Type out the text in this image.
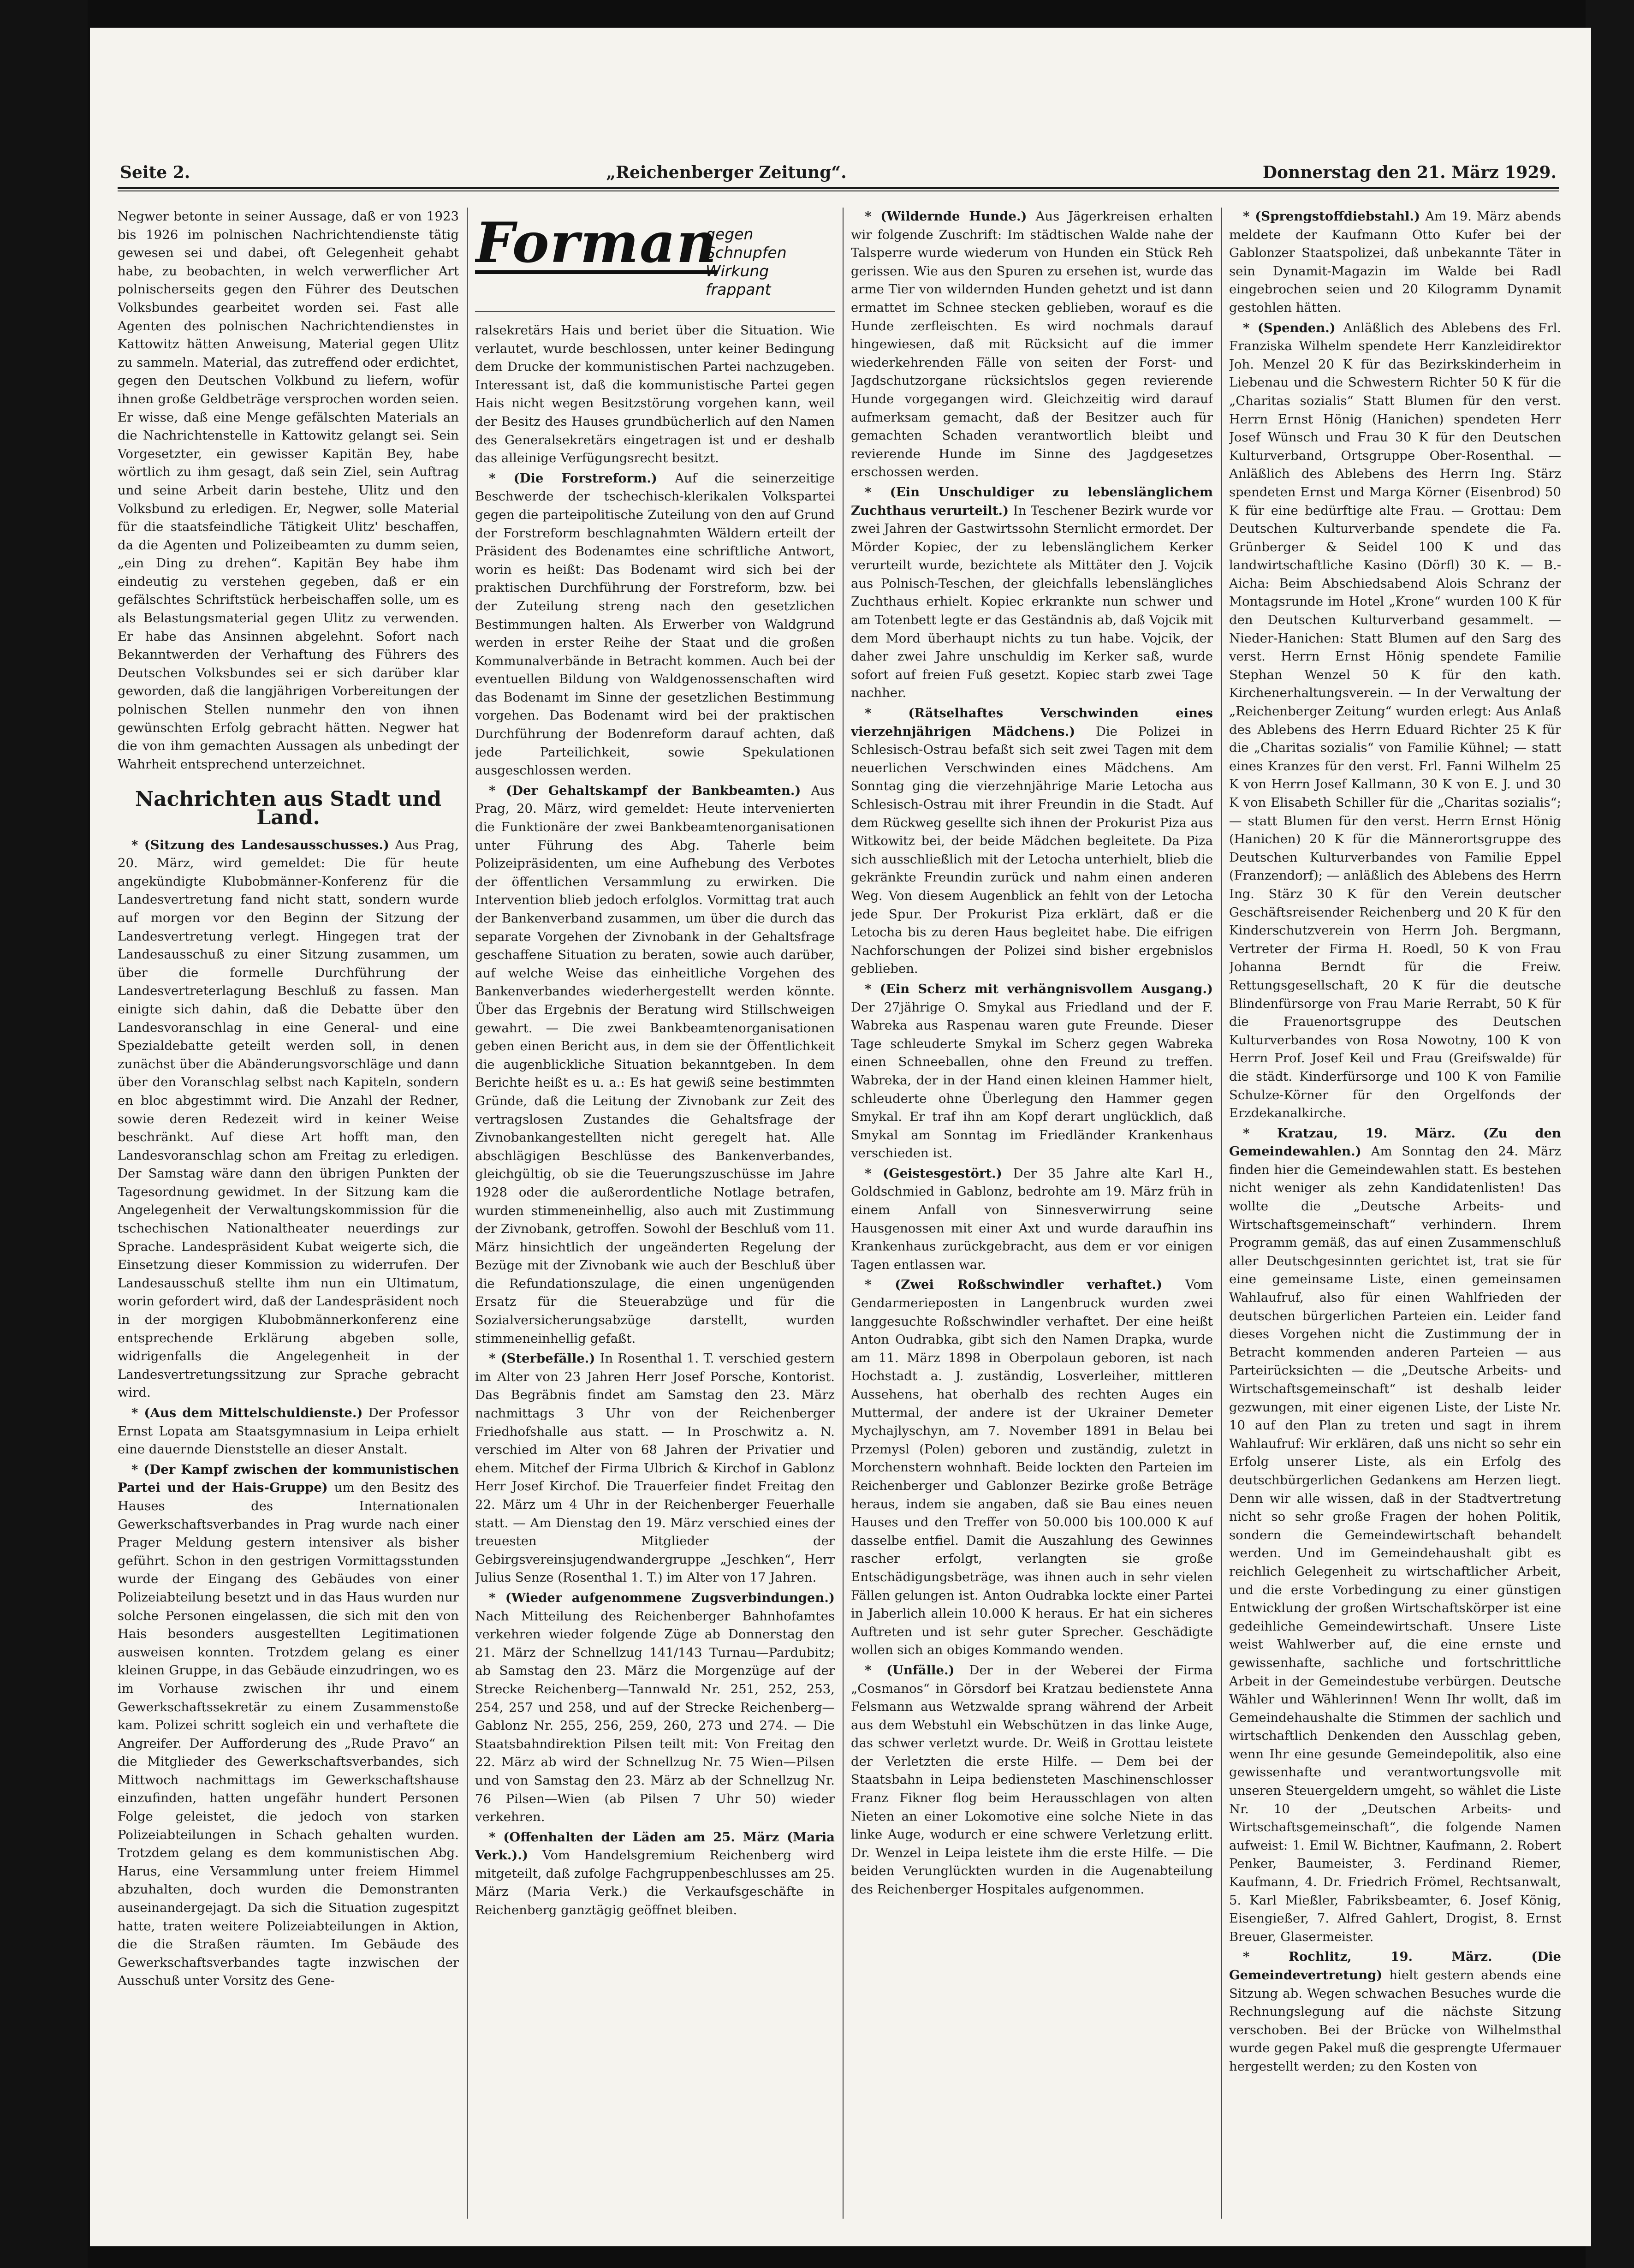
Seite 2.	„Reichenberger Zeitung“.	Donnerstag den 21. März 1929.

Negwer betonte in seiner Aussage, daß er von 1923 bis 1926 im polnischen Nachrichtendienste tätig gewesen sei und dabei, oft Gelegenheit gehabt habe, zu beobachten, in welch verwerflicher Art polnischerseits gegen den Führer des Deutschen Volksbundes gearbeitet worden sei. Fast alle Agenten des polnischen Nachrichtendienstes in Kattowitz hätten Anweisung, Material gegen Ulitz zu sammeln. Material, das zutreffend oder erdichtet, gegen den Deutschen Volkbund zu liefern, wofür ihnen große Geldbeträge versprochen worden seien. Er wisse, daß eine Menge gefälschten Materials an die Nachrichtenstelle in Kattowitz gelangt sei. Sein Vorgesetzter, ein gewisser Kapitän Bey, habe wörtlich zu ihm gesagt, daß sein Ziel, sein Auftrag und seine Arbeit darin bestehe, Ulitz und den Volksbund zu erledigen. Er, Negwer, solle Material für die staatsfeindliche Tätigkeit Ulitz' beschaffen, da die Agenten und Polizeibeamten zu dumm seien, „ein Ding zu drehen“. Kapitän Bey habe ihm eindeutig zu verstehen gegeben, daß er ein gefälschtes Schriftstück herbeischaffen solle, um es als Belastungsmaterial gegen Ulitz zu verwenden. Er habe das Ansinnen abgelehnt. Sofort nach Bekanntwerden der Verhaftung des Führers des Deutschen Volksbundes sei er sich darüber klar geworden, daß die langjährigen Vorbereitungen der polnischen Stellen nunmehr den von ihnen gewünschten Erfolg gebracht hätten. Negwer hat die von ihm gemachten Aussagen als unbedingt der Wahrheit entsprechend unterzeichnet.

Nachrichten aus Stadt und Land.

* (Sitzung des Landesausschusses.) Aus Prag, 20. März, wird gemeldet: Die für heute angekündigte Klubobmänner-Konferenz für die Landesvertretung fand nicht statt, sondern wurde auf morgen vor den Beginn der Sitzung der Landesvertretung verlegt. Hingegen trat der Landesausschuß zu einer Sitzung zusammen, um über die formelle Durchführung der Landesvertreterlagung Beschluß zu fassen. Man einigte sich dahin, daß die Debatte über den Landesvoranschlag in eine General- und eine Spezialdebatte geteilt werden soll, in denen zunächst über die Abänderungsvorschläge und dann über den Voranschlag selbst nach Kapiteln, sondern en bloc abgestimmt wird. Die Anzahl der Redner, sowie deren Redezeit wird in keiner Weise beschränkt. Auf diese Art hofft man, den Landesvoranschlag schon am Freitag zu erledigen. Der Samstag wäre dann den übrigen Punkten der Tagesordnung gewidmet. In der Sitzung kam die Angelegenheit der Verwaltungskommission für die tschechischen Nationaltheater neuerdings zur Sprache. Landespräsident Kubat weigerte sich, die Einsetzung dieser Kommission zu widerrufen. Der Landesausschuß stellte ihm nun ein Ultimatum, worin gefordert wird, daß der Landespräsident noch in der morgigen Klubobmännerkonferenz eine entsprechende Erklärung abgeben solle, widrigenfalls die Angelegenheit in der Landesvertretungssitzung zur Sprache gebracht wird.

* (Aus dem Mittelschuldienste.) Der Professor Ernst Lopata am Staatsgymnasium in Leipa erhielt eine dauernde Dienststelle an dieser Anstalt.

* (Der Kampf zwischen der kommunistischen Partei und der Hais-Gruppe) um den Besitz des Hauses des Internationalen Gewerkschaftsverbandes in Prag wurde nach einer Prager Meldung gestern intensiver als bisher geführt. Schon in den gestrigen Vormittagsstunden wurde der Eingang des Gebäudes von einer Polizeiabteilung besetzt und in das Haus wurden nur solche Personen eingelassen, die sich mit den von Hais besonders ausgestellten Legitimationen ausweisen konnten. Trotzdem gelang es einer kleinen Gruppe, in das Gebäude einzudringen, wo es im Vorhause zwischen ihr und einem Gewerkschaftssekretär zu einem Zusammenstoße kam. Polizei schritt sogleich ein und verhaftete die Angreifer. Der Aufforderung des „Rude Pravo“ an die Mitglieder des Gewerkschaftsverbandes, sich Mittwoch nachmittags im Gewerkschaftshause einzufinden, hatten ungefähr hundert Personen Folge geleistet, die jedoch von starken Polizeiabteilungen in Schach gehalten wurden. Trotzdem gelang es dem kommunistischen Abg. Harus, eine Versammlung unter freiem Himmel abzuhalten, doch wurden die Demonstranten auseinandergejagt. Da sich die Situation zugespitzt hatte, traten weitere Polizeiabteilungen in Aktion, die die Straßen räumten. Im Gebäude des Gewerkschaftsverbandes tagte inzwischen der Ausschuß unter Vorsitz des Gene-

Forman
gegen Schnupfen Wirkung frappant

ralsekretärs Hais und beriet über die Situation. Wie verlautet, wurde beschlossen, unter keiner Bedingung dem Drucke der kommunistischen Partei nachzugeben. Interessant ist, daß die kommunistische Partei gegen Hais nicht wegen Besitzstörung vorgehen kann, weil der Besitz des Hauses grundbücherlich auf den Namen des Generalsekretärs eingetragen ist und er deshalb das alleinige Verfügungsrecht besitzt.

* (Die Forstreform.) Auf die seinerzeitige Beschwerde der tschechisch-klerikalen Volkspartei gegen die parteipolitische Zuteilung von den auf Grund der Forstreform beschlagnahmten Wäldern erteilt der Präsident des Bodenamtes eine schriftliche Antwort, worin es heißt: Das Bodenamt wird sich bei der praktischen Durchführung der Forstreform, bzw. bei der Zuteilung streng nach den gesetzlichen Bestimmungen halten. Als Erwerber von Waldgrund werden in erster Reihe der Staat und die großen Kommunalverbände in Betracht kommen. Auch bei der eventuellen Bildung von Waldgenossenschaften wird das Bodenamt im Sinne der gesetzlichen Bestimmung vorgehen. Das Bodenamt wird bei der praktischen Durchführung der Bodenreform darauf achten, daß jede Parteilichkeit, sowie Spekulationen ausgeschlossen werden.

* (Der Gehaltskampf der Bankbeamten.) Aus Prag, 20. März, wird gemeldet: Heute intervenierten die Funktionäre der zwei Bankbeamtenorganisationen unter Führung des Abg. Taherle beim Polizeipräsidenten, um eine Aufhebung des Verbotes der öffentlichen Versammlung zu erwirken. Die Intervention blieb jedoch erfolglos. Vormittag trat auch der Bankenverband zusammen, um über die durch das separate Vorgehen der Zivnobank in der Gehaltsfrage geschaffene Situation zu beraten, sowie auch darüber, auf welche Weise das einheitliche Vorgehen des Bankenverbandes wiederhergestellt werden könnte. Über das Ergebnis der Beratung wird Stillschweigen gewahrt. — Die zwei Bankbeamtenorganisationen geben einen Bericht aus, in dem sie der Öffentlichkeit die augenblickliche Situation bekanntgeben. In dem Berichte heißt es u. a.: Es hat gewiß seine bestimmten Gründe, daß die Leitung der Zivnobank zur Zeit des vertragslosen Zustandes die Gehaltsfrage der Zivnobankangestellten nicht geregelt hat. Alle abschlägigen Beschlüsse des Bankenverbandes, gleichgültig, ob sie die Teuerungszuschüsse im Jahre 1928 oder die außerordentliche Notlage betrafen, wurden stimmeneinhellig, also auch mit Zustimmung der Zivnobank, getroffen. Sowohl der Beschluß vom 11. März hinsichtlich der ungeänderten Regelung der Bezüge mit der Zivnobank wie auch der Beschluß über die Refundationszulage, die einen ungenügenden Ersatz für die Steuerabzüge und für die Sozialversicherungsabzüge darstellt, wurden stimmeneinhellig gefaßt.

* (Sterbefälle.) In Rosenthal 1. T. verschied gestern im Alter von 23 Jahren Herr Josef Porsche, Kontorist. Das Begräbnis findet am Samstag den 23. März nachmittags 3 Uhr von der Reichenberger Friedhofshalle aus statt. — In Proschwitz a. N. verschied im Alter von 68 Jahren der Privatier und ehem. Mitchef der Firma Ulbrich & Kirchof in Gablonz Herr Josef Kirchof. Die Trauerfeier findet Freitag den 22. März um 4 Uhr in der Reichenberger Feuerhalle statt. — Am Dienstag den 19. März verschied eines der treuesten Mitglieder der Gebirgsvereinsjugendwandergruppe „Jeschken“, Herr Julius Senze (Rosenthal 1. T.) im Alter von 17 Jahren.

* (Wieder aufgenommene Zugsverbindungen.) Nach Mitteilung des Reichenberger Bahnhofamtes verkehren wieder folgende Züge ab Donnerstag den 21. März der Schnellzug 141/143 Turnau—Pardubitz; ab Samstag den 23. März die Morgenzüge auf der Strecke Reichenberg—Tannwald Nr. 251, 252, 253, 254, 257 und 258, und auf der Strecke Reichenberg—Gablonz Nr. 255, 256, 259, 260, 273 und 274. — Die Staatsbahndirektion Pilsen teilt mit: Von Freitag den 22. März ab wird der Schnellzug Nr. 75 Wien—Pilsen und von Samstag den 23. März ab der Schnellzug Nr. 76 Pilsen—Wien (ab Pilsen 7 Uhr 50) wieder verkehren.

* (Offenhalten der Läden am 25. März (Maria Verk.).) Vom Handelsgremium Reichenberg wird mitgeteilt, daß zufolge Fachgruppenbeschlusses am 25. März (Maria Verk.) die Verkaufsgeschäfte in Reichenberg ganztägig geöffnet bleiben.

* (Wildernde Hunde.) Aus Jägerkreisen erhalten wir folgende Zuschrift: Im städtischen Walde nahe der Talsperre wurde wiederum von Hunden ein Stück Reh gerissen. Wie aus den Spuren zu ersehen ist, wurde das arme Tier von wildernden Hunden gehetzt und ist dann ermattet im Schnee stecken geblieben, worauf es die Hunde zerfleischten. Es wird nochmals darauf hingewiesen, daß mit Rücksicht auf die immer wiederkehrenden Fälle von seiten der Forst- und Jagdschutzorgane rücksichtslos gegen revierende Hunde vorgegangen wird. Gleichzeitig wird darauf aufmerksam gemacht, daß der Besitzer auch für gemachten Schaden verantwortlich bleibt und revierende Hunde im Sinne des Jagdgesetzes erschossen werden.

* (Ein Unschuldiger zu lebenslänglichem Zuchthaus verurteilt.) In Teschener Bezirk wurde vor zwei Jahren der Gastwirtssohn Sternlicht ermordet. Der Mörder Kopiec, der zu lebenslänglichem Kerker verurteilt wurde, bezichtete als Mittäter den J. Vojcik aus Polnisch-Teschen, der gleichfalls lebenslängliches Zuchthaus erhielt. Kopiec erkrankte nun schwer und am Totenbett legte er das Geständnis ab, daß Vojcik mit dem Mord überhaupt nichts zu tun habe. Vojcik, der daher zwei Jahre unschuldig im Kerker saß, wurde sofort auf freien Fuß gesetzt. Kopiec starb zwei Tage nachher.

* (Rätselhaftes Verschwinden eines vierzehnjährigen Mädchens.) Die Polizei in Schlesisch-Ostrau befaßt sich seit zwei Tagen mit dem neuerlichen Verschwinden eines Mädchens. Am Sonntag ging die vierzehnjährige Marie Letocha aus Schlesisch-Ostrau mit ihrer Freundin in die Stadt. Auf dem Rückweg gesellte sich ihnen der Prokurist Piza aus Witkowitz bei, der beide Mädchen begleitete. Da Piza sich ausschließlich mit der Letocha unterhielt, blieb die gekränkte Freundin zurück und nahm einen anderen Weg. Von diesem Augenblick an fehlt von der Letocha jede Spur. Der Prokurist Piza erklärt, daß er die Letocha bis zu deren Haus begleitet habe. Die eifrigen Nachforschungen der Polizei sind bisher ergebnislos geblieben.

* (Ein Scherz mit verhängnisvollem Ausgang.) Der 27jährige O. Smykal aus Friedland und der F. Wabreka aus Raspenau waren gute Freunde. Dieser Tage schleuderte Smykal im Scherz gegen Wabreka einen Schneeballen, ohne den Freund zu treffen. Wabreka, der in der Hand einen kleinen Hammer hielt, schleuderte ohne Überlegung den Hammer gegen Smykal. Er traf ihn am Kopf derart unglücklich, daß Smykal am Sonntag im Friedländer Krankenhaus verschieden ist.

* (Geistesgestört.) Der 35 Jahre alte Karl H., Goldschmied in Gablonz, bedrohte am 19. März früh in einem Anfall von Sinnesverwirrung seine Hausgenossen mit einer Axt und wurde daraufhin ins Krankenhaus zurückgebracht, aus dem er vor einigen Tagen entlassen war.

* (Zwei Roßschwindler verhaftet.) Vom Gendarmerieposten in Langenbruck wurden zwei langgesuchte Roßschwindler verhaftet. Der eine heißt Anton Oudrabka, gibt sich den Namen Drapka, wurde am 11. März 1898 in Oberpolaun geboren, ist nach Hochstadt a. J. zuständig, Losverleiher, mittleren Aussehens, hat oberhalb des rechten Auges ein Muttermal, der andere ist der Ukrainer Demeter Mychajlyschyn, am 7. November 1891 in Belau bei Przemysl (Polen) geboren und zuständig, zuletzt in Morchenstern wohnhaft. Beide lockten den Parteien im Reichenberger und Gablonzer Bezirke große Beträge heraus, indem sie angaben, daß sie Bau eines neuen Hauses und den Treffer von 50.000 bis 100.000 K auf dasselbe entfiel. Damit die Auszahlung des Gewinnes rascher erfolgt, verlangten sie große Entschädigungsbeträge, was ihnen auch in sehr vielen Fällen gelungen ist. Anton Oudrabka lockte einer Partei in Jaberlich allein 10.000 K heraus. Er hat ein sicheres Auftreten und ist sehr guter Sprecher. Geschädigte wollen sich an obiges Kommando wenden.

* (Unfälle.) Der in der Weberei der Firma „Cosmanos“ in Görsdorf bei Kratzau bedienstete Anna Felsmann aus Wetzwalde sprang während der Arbeit aus dem Webstuhl ein Webschützen in das linke Auge, das schwer verletzt wurde. Dr. Weiß in Grottau leistete der Verletzten die erste Hilfe. — Dem bei der Staatsbahn in Leipa bediensteten Maschinenschlosser Franz Fikner flog beim Herausschlagen von alten Nieten an einer Lokomotive eine solche Niete in das linke Auge, wodurch er eine schwere Verletzung erlitt. Dr. Wenzel in Leipa leistete ihm die erste Hilfe. — Die beiden Verunglückten wurden in die Augenabteilung des Reichenberger Hospitales aufgenommen.

* (Sprengstoffdiebstahl.) Am 19. März abends meldete der Kaufmann Otto Kufer bei der Gablonzer Staatspolizei, daß unbekannte Täter in sein Dynamit-Magazin im Walde bei Radl eingebrochen seien und 20 Kilogramm Dynamit gestohlen hätten.

* (Spenden.) Anläßlich des Ablebens des Frl. Franziska Wilhelm spendete Herr Kanzleidirektor Joh. Menzel 20 K für das Bezirkskinderheim in Liebenau und die Schwestern Richter 50 K für die „Charitas sozialis“ Statt Blumen für den verst. Herrn Ernst Hönig (Hanichen) spendeten Herr Josef Wünsch und Frau 30 K für den Deutschen Kulturverband, Ortsgruppe Ober-Rosenthal. — Anläßlich des Ablebens des Herrn Ing. Stärz spendeten Ernst und Marga Körner (Eisenbrod) 50 K für eine bedürftige alte Frau. — Grottau: Dem Deutschen Kulturverbande spendete die Fa. Grünberger & Seidel 100 K und das landwirtschaftliche Kasino (Dörfl) 30 K. — B.-Aicha: Beim Abschiedsabend Alois Schranz der Montagsrunde im Hotel „Krone“ wurden 100 K für den Deutschen Kulturverband gesammelt. — Nieder-Hanichen: Statt Blumen auf den Sarg des verst. Herrn Ernst Hönig spendete Familie Stephan Wenzel 50 K für den kath. Kirchenerhaltungsverein. — In der Verwaltung der „Reichenberger Zeitung“ wurden erlegt: Aus Anlaß des Ablebens des Herrn Eduard Richter 25 K für die „Charitas sozialis“ von Familie Kühnel; — statt eines Kranzes für den verst. Frl. Fanni Wilhelm 25 K von Herrn Josef Kallmann, 30 K von E. J. und 30 K von Elisabeth Schiller für die „Charitas sozialis“; — statt Blumen für den verst. Herrn Ernst Hönig (Hanichen) 20 K für die Männerortsgruppe des Deutschen Kulturverbandes von Familie Eppel (Franzendorf); — anläßlich des Ablebens des Herrn Ing. Stärz 30 K für den Verein deutscher Geschäftsreisender Reichenberg und 20 K für den Kinderschutzverein von Herrn Joh. Bergmann, Vertreter der Firma H. Roedl, 50 K von Frau Johanna Berndt für die Freiw. Rettungsgesellschaft, 20 K für die deutsche Blindenfürsorge von Frau Marie Rerrabt, 50 K für die Frauenortsgruppe des Deutschen Kulturverbandes von Rosa Nowotny, 100 K von Herrn Prof. Josef Keil und Frau (Greifswalde) für die städt. Kinderfürsorge und 100 K von Familie Schulze-Körner für den Orgelfonds der Erzdekanalkirche.

* Kratzau, 19. März. (Zu den Gemeindewahlen.) Am Sonntag den 24. März finden hier die Gemeindewahlen statt. Es bestehen nicht weniger als zehn Kandidatenlisten! Das wollte die „Deutsche Arbeits- und Wirtschaftsgemeinschaft“ verhindern. Ihrem Programm gemäß, das auf einen Zusammenschluß aller Deutschgesinnten gerichtet ist, trat sie für eine gemeinsame Liste, einen gemeinsamen Wahlaufruf, also für einen Wahlfrieden der deutschen bürgerlichen Parteien ein. Leider fand dieses Vorgehen nicht die Zustimmung der in Betracht kommenden anderen Parteien — aus Parteirücksichten — die „Deutsche Arbeits- und Wirtschaftsgemeinschaft“ ist deshalb leider gezwungen, mit einer eigenen Liste, der Liste Nr. 10 auf den Plan zu treten und sagt in ihrem Wahlaufruf: Wir erklären, daß uns nicht so sehr ein Erfolg unserer Liste, als ein Erfolg des deutschbürgerlichen Gedankens am Herzen liegt. Denn wir alle wissen, daß in der Stadtvertretung nicht so sehr große Fragen der hohen Politik, sondern die Gemeindewirtschaft behandelt werden. Und im Gemeindehaushalt gibt es reichlich Gelegenheit zu wirtschaftlicher Arbeit, und die erste Vorbedingung zu einer günstigen Entwicklung der großen Wirtschaftskörper ist eine gedeihliche Gemeindewirtschaft. Unsere Liste weist Wahlwerber auf, die eine ernste und gewissenhafte, sachliche und fortschrittliche Arbeit in der Gemeindestube verbürgen. Deutsche Wähler und Wählerinnen! Wenn Ihr wollt, daß im Gemeindehaushalte die Stimmen der sachlich und wirtschaftlich Denkenden den Ausschlag geben, wenn Ihr eine gesunde Gemeindepolitik, also eine gewissenhafte und verantwortungsvolle mit unseren Steuergeldern umgeht, so wählet die Liste Nr. 10 der „Deutschen Arbeits- und Wirtschaftsgemeinschaft“, die folgende Namen aufweist: 1. Emil W. Bichtner, Kaufmann, 2. Robert Penker, Baumeister, 3. Ferdinand Riemer, Kaufmann, 4. Dr. Friedrich Frömel, Rechtsanwalt, 5. Karl Mießler, Fabriksbeamter, 6. Josef König, Eisengießer, 7. Alfred Gahlert, Drogist, 8. Ernst Breuer, Glasermeister.

* Rochlitz, 19. März. (Die Gemeindevertretung) hielt gestern abends eine Sitzung ab. Wegen schwachen Besuches wurde die Rechnungslegung auf die nächste Sitzung verschoben. Bei der Brücke von Wilhelmsthal wurde gegen Pakel muß die gesprengte Ufermauer hergestellt werden; zu den Kosten von
